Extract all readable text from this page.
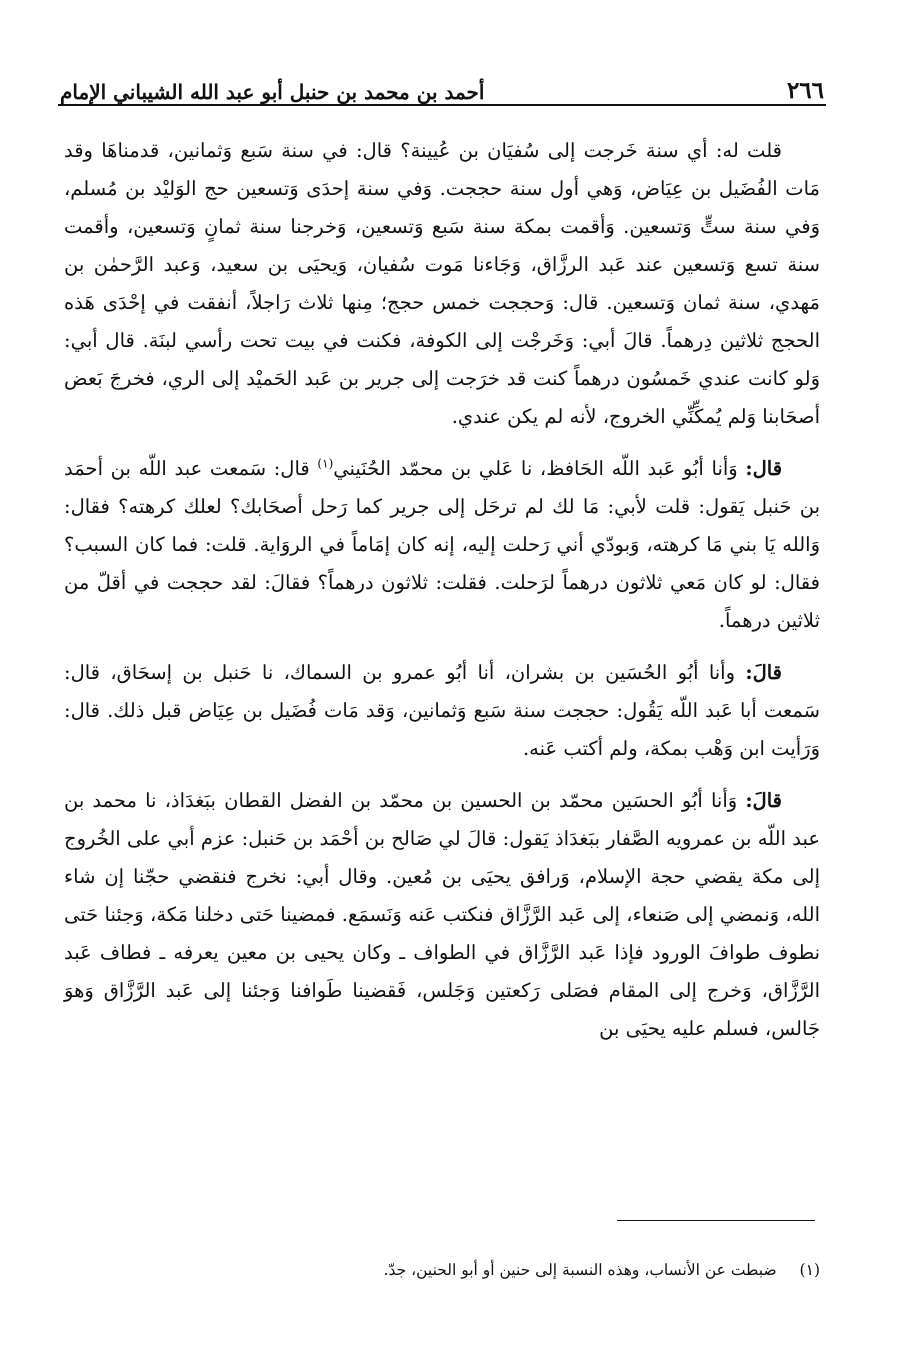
٢٦٦
أحمد بن محمد بن حنبل أبو عبد الله الشيباني الإمام

قلت له: أي سنة خَرجت إلى سُفيَان بن عُيينة؟ قال: في سنة سَبع وَثمانين، قدمناهَا وقد مَات الفُضَيل بن عِيَاض، وَهي أول سنة حججت. وَفي سنة إحدَى وَتسعين حج الوَليْد بن مُسلم، وَفي سنة ستٍّ وَتسعين. وَأقمت بمكة سنة سَبع وَتسعين، وَخرجنا سنة ثمانٍ وَتسعين، وأقمت سنة تسع وَتسعين عند عَبد الرزَّاق، وَجَاءنا مَوت سُفيان، وَيحيَى بن سعيد، وَعبد الرَّحمٰن بن مَهدي، سنة ثمان وَتسعين. قال: وَحججت خمس حجج؛ مِنها ثلاث رَاجلاً، أنفقت في إحْدَى هَذه الحجج ثلاثين دِرهماً. قالَ أبي: وَخَرجْت إلى الكوفة، فكنت في بيت تحت رأسي لبنَة. قال أبي: وَلو كانت عندي خَمسُون درهماً كنت قد خرَجت إلى جرير بن عَبد الحَميْد إلى الري، فخرجَ بَعض أصحَابنا وَلم يُمكِّنِّي الخروج، لأنه لم يكن عندي.

قال: وَأنا أبُو عَبد اللّه الحَافظ، نا عَلي بن محمّد الحُنَيني$^{(١)}$ قال: سَمعت عبد اللّه بن أحمَد بن حَنبل يَقول: قلت لأبي: مَا لك لم ترحَل إلى جرير كما رَحل أصحَابك؟ لعلك كرهته؟ فقال: وَالله يَا بني مَا كرهته، وَبودّي أني رَحلت إليه، إنه كان إمَاماً في الروَاية. قلت: فما كان السبب؟ فقال: لو كان مَعي ثلاثون درهماً لرَحلت. فقلت: ثلاثون درهماً؟ فقالَ: لقد حججت في أقلّ من ثلاثين درهماً.

قالَ: وأنا أبُو الحُسَين بن بشران، أنا أبُو عمرو بن السماك، نا حَنبل بن إسحَاق، قال: سَمعت أبا عَبد اللّه يَقُول: حججت سنة سَبع وَثمانين، وَقد مَات فُضَيل بن عِيَاض قبل ذلك. قال: وَرَأيت ابن وَهْب بمكة، ولم أكتب عَنه.

قالَ: وَأنا أبُو الحسَين محمّد بن الحسين بن محمّد بن الفضل القطان ببَغدَاذ، نا محمد بن عبد اللّه بن عمرويه الصَّفار ببَغدَاذ يَقول: قالَ لي صَالح بن أحْمَد بن حَنبل: عزم أبي على الخُروج إلى مكة يقضي حجة الإسلام، وَرافق يحيَى بن مُعين. وقال أبي: نخرج فنقضي حجّنا إن شاء الله، وَنمضي إلى صَنعاء، إلى عَبد الرَّزَّاق فنكتب عَنه وَنَسمَع. فمضينا حَتى دخلنا مَكة، وَجئنا حَتى نطوف طوافَ الورود فإذا عَبد الرَّزَّاق في الطواف ـ وكان يحيى بن معين يعرفه ـ فطاف عَبد الرَّزَّاق، وَخرج إلى المقام فصَلى رَكعتين وَجَلس، فَقضينا طَوافنا وَجئنا إلى عَبد الرَّزَّاق وَهوَ جَالس، فسلم عليه يحيَى بن

(١) ضبطت عن الأنساب، وهذه النسبة إلى حنين أو أبو الحنين، جدّ.
